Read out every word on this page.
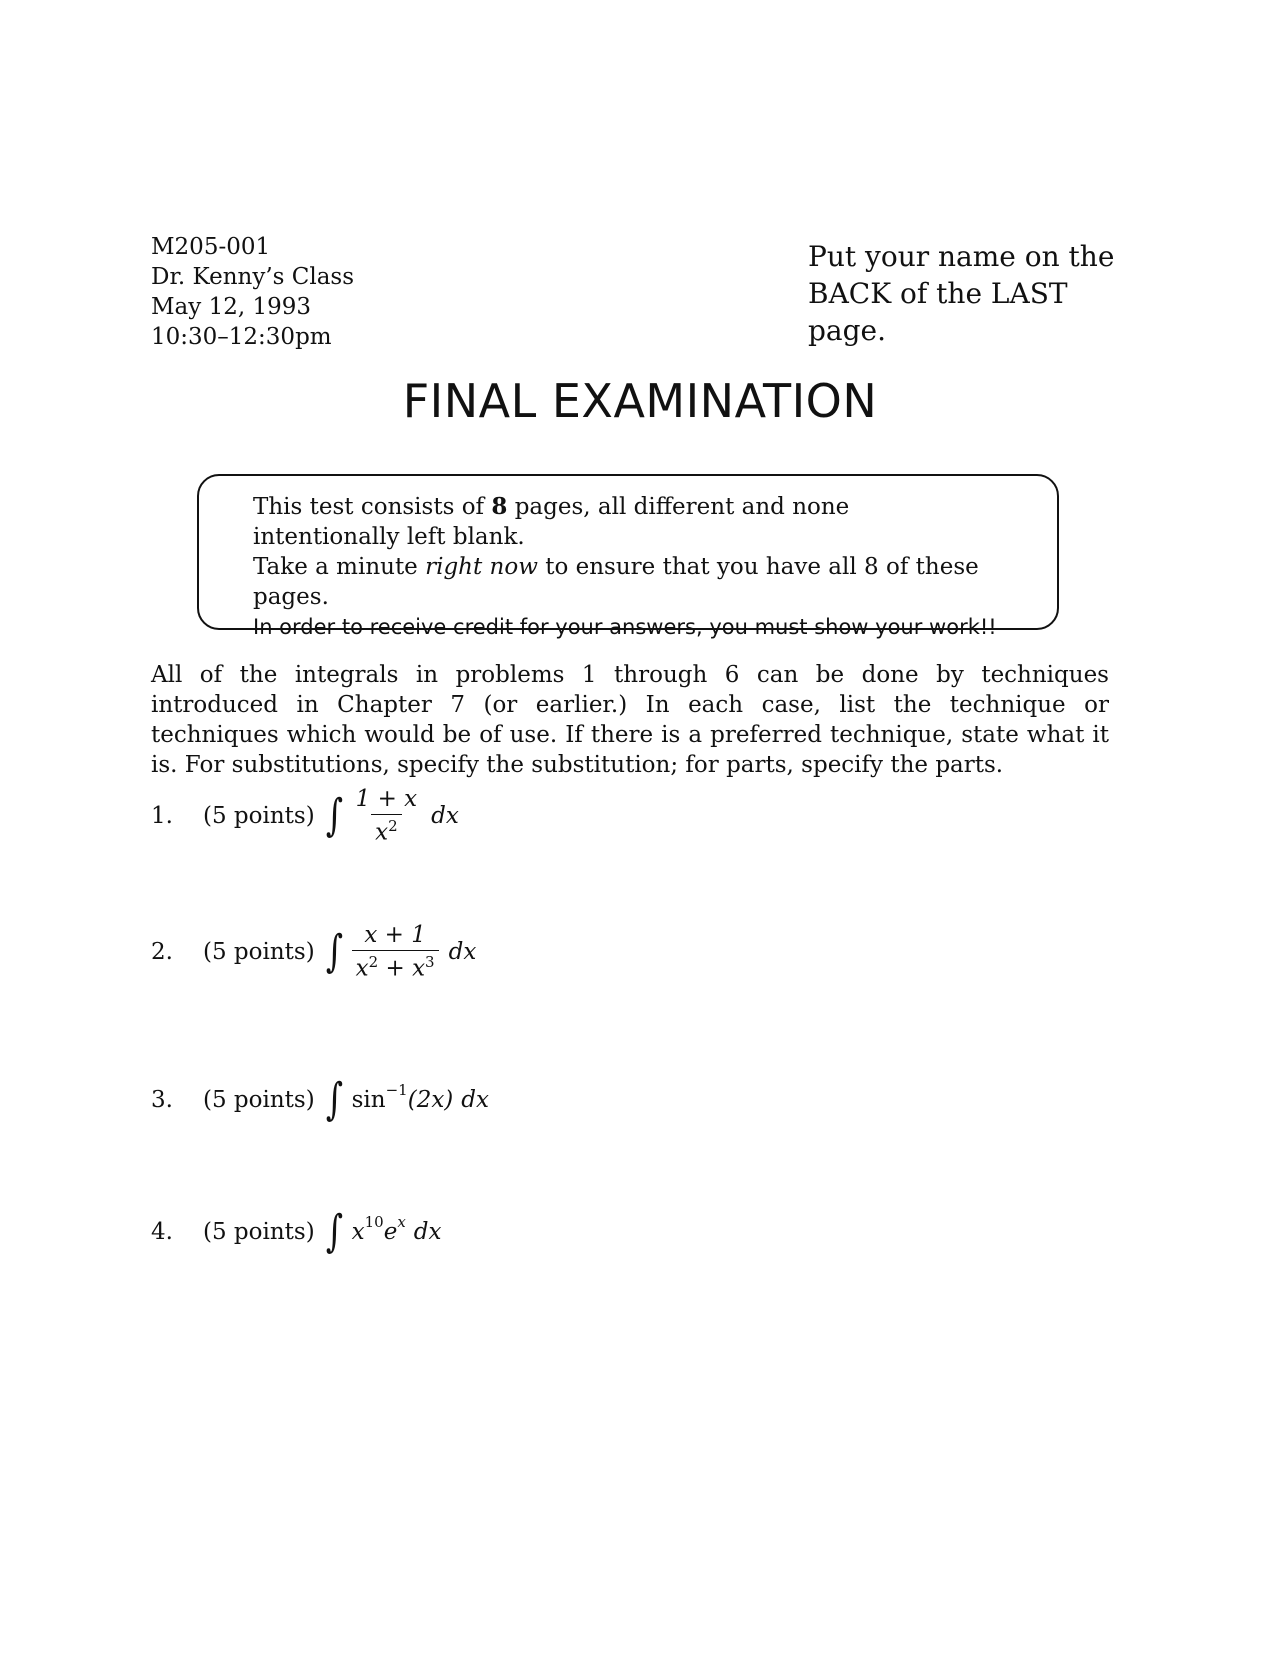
M205-001
Dr. Kenny’s Class
May 12, 1993
10:30–12:30pm
Put your name on the BACK of the LAST page.
FINAL EXAMINATION
This test consists of 8 pages, all different and none intentionally left blank.
Take a minute right now to ensure that you have all 8 of these pages.
In order to receive credit for your answers, you must show your work!!
All of the integrals in problems 1 through 6 can be done by techniques introduced in Chapter 7 (or earlier.) In each case, list the technique or techniques which would be of use. If there is a preferred technique, state what it is. For substitutions, specify the substitution; for parts, specify the parts.
1.	(5 points) ∫ $\frac{1 + x}{x^2}$ dx
2.	(5 points) ∫ $\frac{x + 1}{x^2 + x^3}$ dx
3.	(5 points) ∫ $\sin^{-1} (2x)$ dx
4.	(5 points) ∫ $x^{10}$ $e^x$ dx
